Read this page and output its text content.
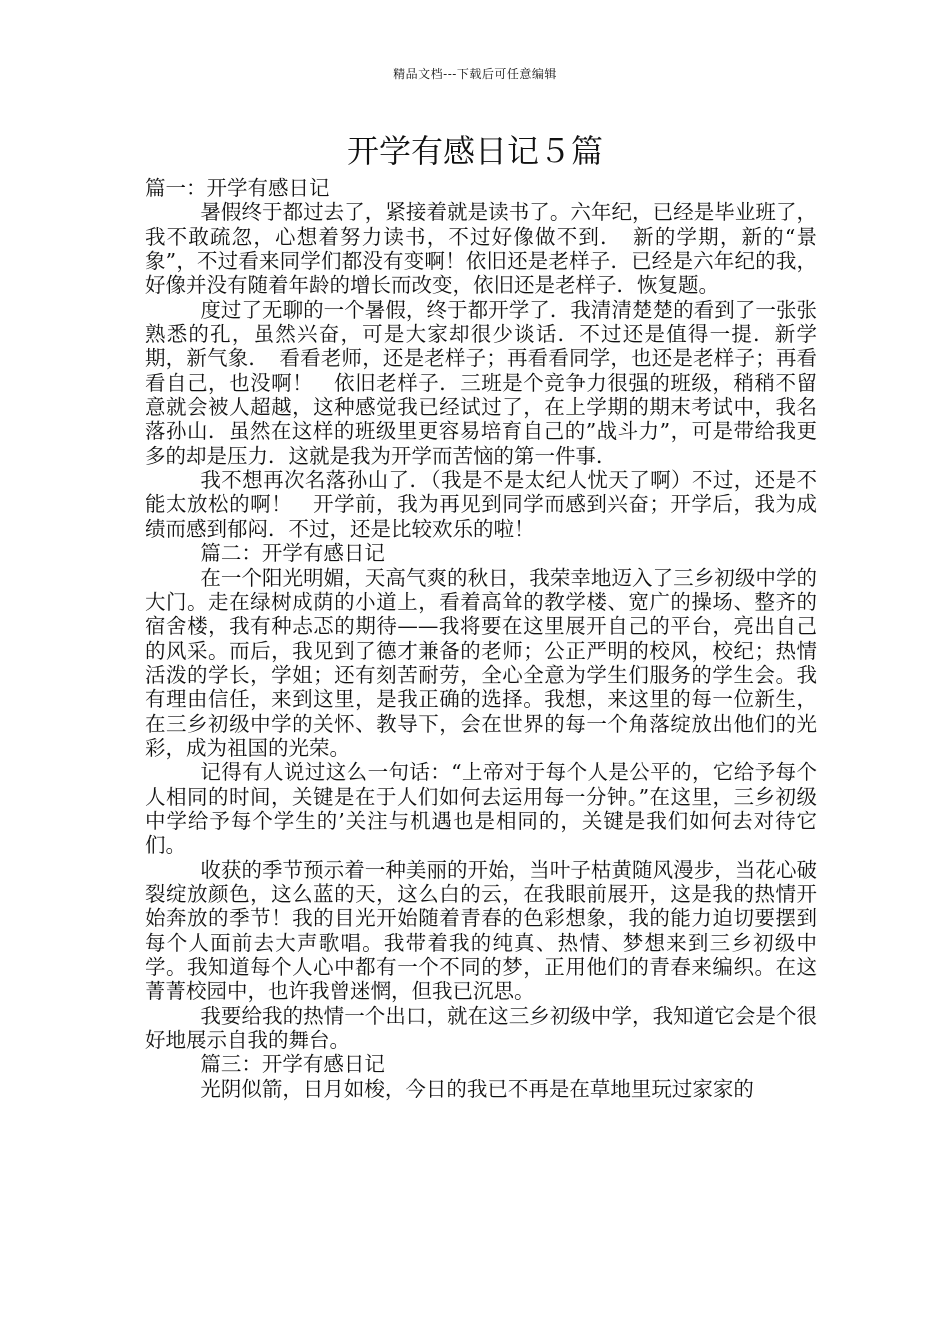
精品文档---下载后可任意编辑
开学有感日记５篇

篇一：开学有感日记

暑假终于都过去了，紧接着就是读书了。六年纪，已经是毕业班了，我不敢疏忽，心想着努力读书，不过好像做不到．　新的学期，新的“景象”，不过看来同学们都没有变啊！依旧还是老样子．已经是六年纪的我，好像并没有随着年龄的增长而改变，依旧还是老样子．恢复题。

度过了无聊的一个暑假，终于都开学了．我清清楚楚的看到了一张张熟悉的孔，虽然兴奋，可是大家却很少谈话．不过还是值得一提．新学期，新气象．　看看老师，还是老样子；再看看同学，也还是老样子；再看看自己，也没啊！　依旧老样子．三班是个竞争力很强的班级，稍稍不留意就会被人超越，这种感觉我已经试过了，在上学期的期末考试中，我名落孙山．虽然在这样的班级里更容易培育自己的”战斗力”，可是带给我更多的却是压力．这就是我为开学而苦恼的第一件事．

我不想再次名落孙山了．（我是不是太纪人忧天了啊）不过，还是不能太放松的啊！　开学前，我为再见到同学而感到兴奋；开学后，我为成绩而感到郁闷．不过，还是比较欢乐的啦！

篇二：开学有感日记

在一个阳光明媚，天高气爽的秋日，我荣幸地迈入了三乡初级中学的大门。走在绿树成荫的小道上，看着高耸的教学楼、宽广的操场、整齐的宿舍楼，我有种忐忑的期待——我将要在这里展开自己的平台，亮出自己的风采。而后，我见到了德才兼备的老师；公正严明的校风，校纪；热情活泼的学长，学姐；还有刻苦耐劳，全心全意为学生们服务的学生会。我有理由信任，来到这里，是我正确的选择。我想，来这里的每一位新生，在三乡初级中学的关怀、教导下，会在世界的每一个角落绽放出他们的光彩，成为祖国的光荣。

记得有人说过这么一句话：“上帝对于每个人是公平的，它给予每个人相同的时间，关键是在于人们如何去运用每一分钟。”在这里，三乡初级中学给予每个学生的’关注与机遇也是相同的，关键是我们如何去对待它们。

收获的季节预示着一种美丽的开始，当叶子枯黄随风漫步，当花心破裂绽放颜色，这么蓝的天，这么白的云，在我眼前展开，这是我的热情开始奔放的季节！我的目光开始随着青春的色彩想象，我的能力迫切要摆到每个人面前去大声歌唱。我带着我的纯真、热情、梦想来到三乡初级中学。我知道每个人心中都有一个不同的梦，正用他们的青春来编织。在这菁菁校园中，也许我曾迷惘，但我已沉思。

我要给我的热情一个出口，就在这三乡初级中学，我知道它会是个很好地展示自我的舞台。

篇三：开学有感日记

光阴似箭，日月如梭，今日的我已不再是在草地里玩过家家的
